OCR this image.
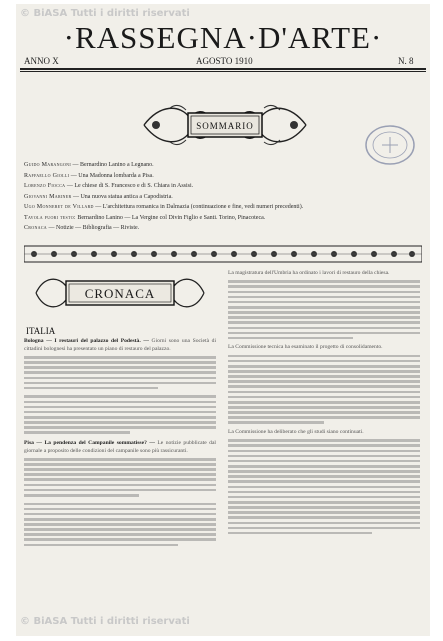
© BiASA Tutti i diritti riservati
·RASSEGNA·D'ARTE·
ANNO X	AGOSTO 1910	N. 8
SOMMARIO
Guido Marangoni — Bernardino Lanino a Legnano.
Raffaello Giolli — Una Madonna lombarda a Pisa.
Lorenzo Fiocca — Le chiese di S. Francesco e di S. Chiara in Assisi.
Giovanni Mariner — Una nuova statua antica a Capodistria.
Ugo Monneret de Villard — L'architettura romanica in Dalmazia (continuazione e fine, vedi numeri precedenti).
Tavola fuori testo: Bernardino Lanino — La Vergine col Divin Figlio e Santi. Torino, Pinacoteca.
Cronaca — Notizie — Bibliografia — Riviste.
CRONACA
ITALIA

Bologna — I restauri del palazzo del Podestà. — Giorni sono una Società di cittadini bolognesi ha presentato un piano di restauro del palazzo.

Pisa — La pendenza del Campanile sommatisse? — Le notizie pubblicate dal giornale a proposito delle condizioni del campanile sono più rassicuranti.

La magistratura dell'Umbria ha ordinato i lavori di restauro della chiesa.

La Commissione tecnica ha esaminato il progetto di consolidamento.

La Commissione ha deliberato che gli studi siano continuati.

© BiASA Tutti i diritti riservati
